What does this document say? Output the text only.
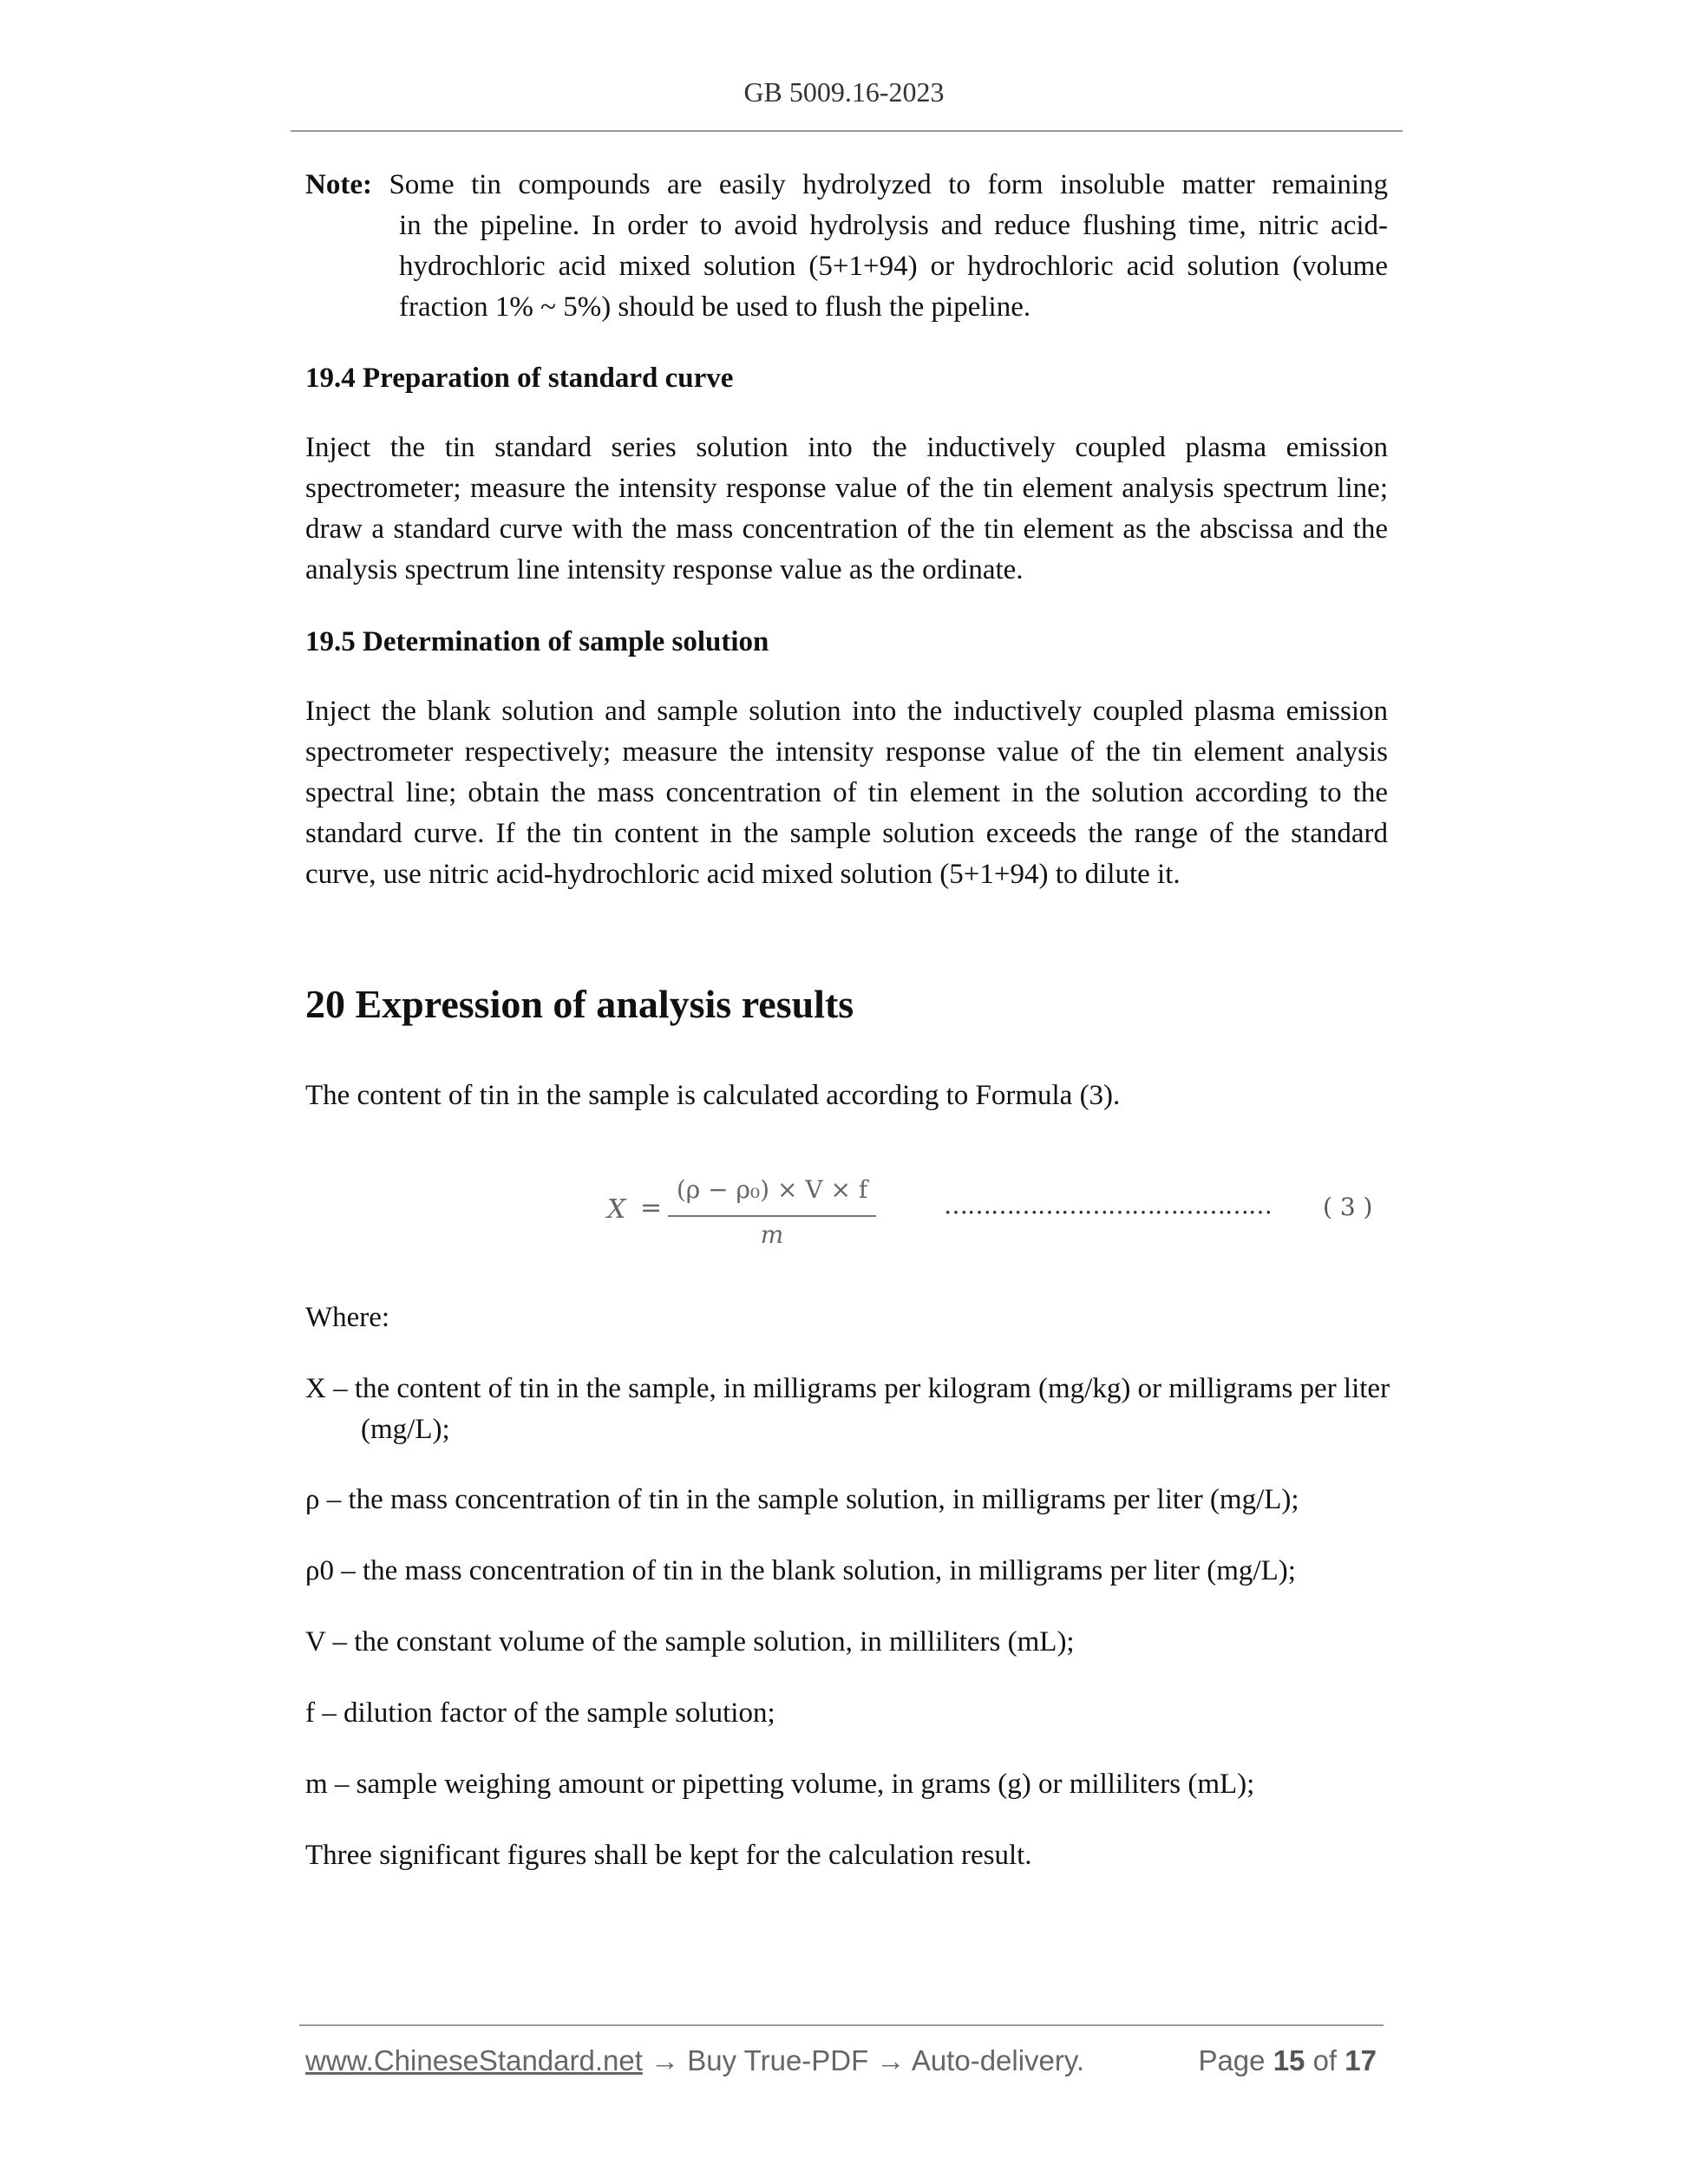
GB 5009.16-2023
Note: Some tin compounds are easily hydrolyzed to form insoluble matter remaining
in the pipeline. In order to avoid hydrolysis and reduce flushing time, nitric acid-hydrochloric acid mixed solution (5+1+94) or hydrochloric acid solution (volume fraction 1% ~ 5%) should be used to flush the pipeline.
19.4 Preparation of standard curve
Inject the tin standard series solution into the inductively coupled plasma emission spectrometer; measure the intensity response value of the tin element analysis spectrum line; draw a standard curve with the mass concentration of the tin element as the abscissa and the analysis spectrum line intensity response value as the ordinate.
19.5 Determination of sample solution
Inject the blank solution and sample solution into the inductively coupled plasma emission spectrometer respectively; measure the intensity response value of the tin element analysis spectral line; obtain the mass concentration of tin element in the solution according to the standard curve. If the tin content in the sample solution exceeds the range of the standard curve, use nitric acid-hydrochloric acid mixed solution (5+1+94) to dilute it.
20 Expression of analysis results
The content of tin in the sample is calculated according to Formula (3).
X =
(ρ − ρ₀) × V × f
m
…………………………………… ( 3 )
Where:
X – the content of tin in the sample, in milligrams per kilogram (mg/kg) or milligrams per liter (mg/L);
ρ – the mass concentration of tin in the sample solution, in milligrams per liter (mg/L);
ρ0 – the mass concentration of tin in the blank solution, in milligrams per liter (mg/L);
V – the constant volume of the sample solution, in milliliters (mL);
f – dilution factor of the sample solution;
m – sample weighing amount or pipetting volume, in grams (g) or milliliters (mL);
Three significant figures shall be kept for the calculation result.
www.ChineseStandard.net → Buy True-PDF → Auto-delivery.	Page 15 of 17
